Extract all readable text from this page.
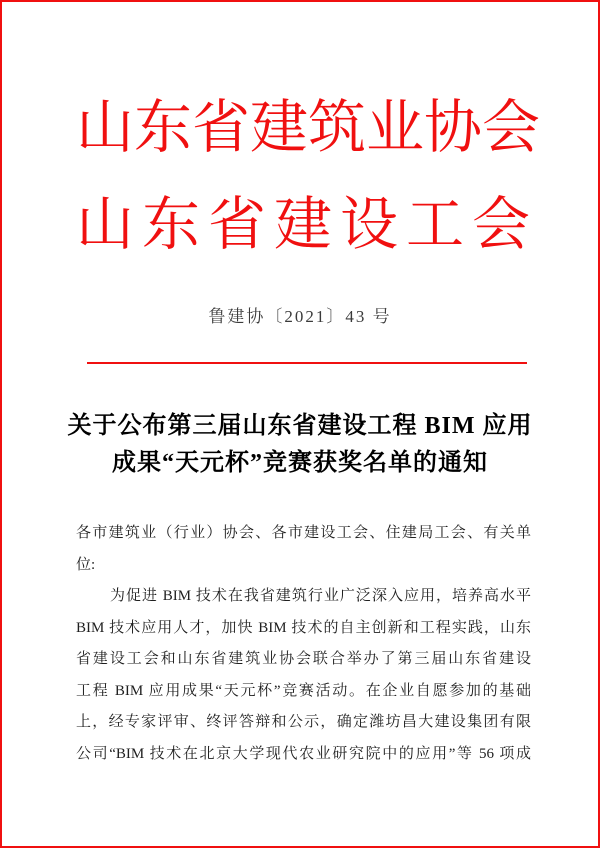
山东省建筑业协会
山东省建设工会
鲁建协〔2021〕43 号
关于公布第三届山东省建设工程 BIM 应用
成果“天元杯”竞赛获奖名单的通知
各市建筑业（行业）协会、各市建设工会、住建局工会、有关单
位:
为促进 BIM 技术在我省建筑行业广泛深入应用，培养高水平
BIM 技术应用人才，加快 BIM 技术的自主创新和工程实践，山东
省建设工会和山东省建筑业协会联合举办了第三届山东省建设
工程 BIM 应用成果“天元杯”竞赛活动。在企业自愿参加的基础
上，经专家评审、终评答辩和公示，确定潍坊昌大建设集团有限
公司“BIM 技术在北京大学现代农业研究院中的应用”等 56 项成
